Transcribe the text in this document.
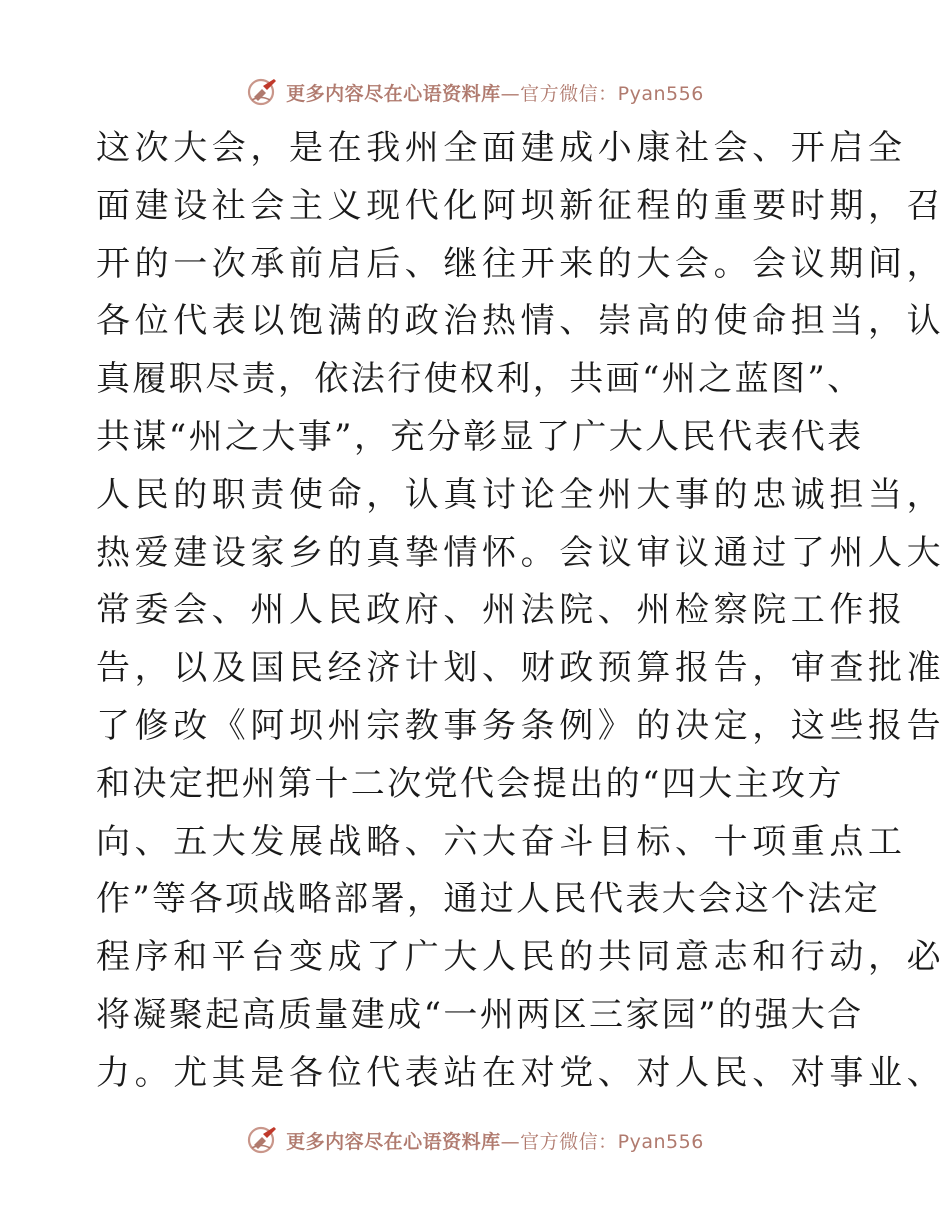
更多内容尽在心语资料库—官方微信：Pyan556
这次大会，是在我州全面建成小康社会、开启全
面建设社会主义现代化阿坝新征程的重要时期，召
开的一次承前启后、继往开来的大会。会议期间，
各位代表以饱满的政治热情、崇高的使命担当，认
真履职尽责，依法行使权利，共画“州之蓝图”、
共谋“州之大事”，充分彰显了广大人民代表代表
人民的职责使命，认真讨论全州大事的忠诚担当，
热爱建设家乡的真挚情怀。会议审议通过了州人大
常委会、州人民政府、州法院、州检察院工作报
告，以及国民经济计划、财政预算报告，审查批准
了修改《阿坝州宗教事务条例》的决定，这些报告
和决定把州第十二次党代会提出的“四大主攻方
向、五大发展战略、六大奋斗目标、十项重点工
作”等各项战略部署，通过人民代表大会这个法定
程序和平台变成了广大人民的共同意志和行动，必
将凝聚起高质量建成“一州两区三家园”的强大合
力。尤其是各位代表站在对党、对人民、对事业、
更多内容尽在心语资料库—官方微信：Pyan556
